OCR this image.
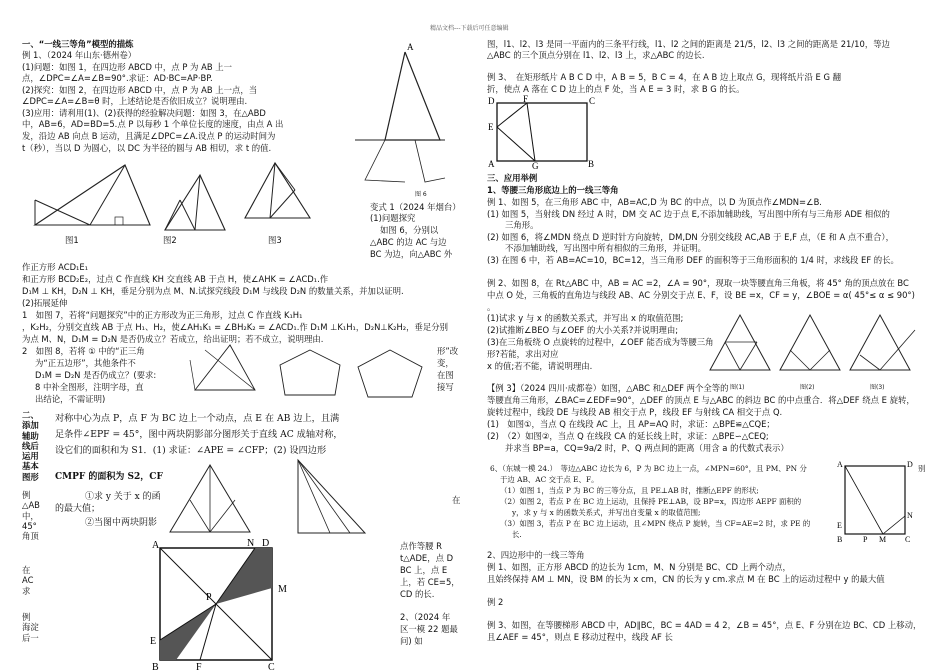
精品文档---下载后可任意编辑
一、“一线三等角”模型的描炼
例 1、（2024 年山东·德州卷）
(1)问题：如图 1，在四边形 ABCD 中，点 P 为 AB 上一
点，∠DPC=∠A=∠B=90°.求证：AD·BC=AP·BP.
(2)探究：如图 2，在四边形 ABCD 中，点 P 为 AB 上一点，当
∠DPC=∠A=∠B=θ 时，上述结论是否依旧成立？说明理由.
(3)应用：请利用(1)、(2)获得的经验解决问题：如图 3，在△ABD
中，AB=6，AD=BD=5.点 P 以每秒 1 个单位长度的速度，由点 A 出
发，沿边 AB 向点 B 运动，且满足∠DPC=∠A.设点 P 的运动时间为
t（秒），当以 D 为圆心，以 DC 为半径的圆与 AB 相切，求 t 的值.
A
图 6
图1	图2	图3
变式 1（2024 年烟台）
(1)问题探究
如图 6，分别以
△ABC 的边 AC 与边
BC 为边，向△ABC 外
作正方形 ACD₁E₁
和正方形 BCD₂E₂，过点 C 作直线 KH 交直线 AB 于点 H，使∠AHK = ∠ACD₁.作
D₁M ⊥ KH，D₂N ⊥ KH，垂足分别为点 M、N.试探究线段 D₁M 与线段 D₂N 的数量关系，并加以证明.
(2)拓展延伸
1　如图 7，若将“问题探究”中的正方形改为正三角形，过点 C 作直线 K₁H₁
，K₂H₂，分别交直线 AB 于点 H₁、H₂，使∠AH₁K₁ = ∠BH₂K₂ = ∠ACD₁.作 D₁M ⊥K₁H₁，D₂N⊥K₂H₂，垂足分别
为点 M、N，D₁M = D₂N 是否仍成立？若成立，给出证明；若不成立，说明理由.
2　如图 8，若将 ① 中的“正三角
为“正五边形”，其他条件不
D₁M = D₂N 是否仍成立？(要求:
8 中补全图形，注明字母，直
出结论，不需证明)
形”改
变，
在图
接写
二、
添加
辅助
线后
运用
基本
图形
例
△AB
中，
45°
角顶
在
AC
求
例
海淀
后一
对称中心为点 P，点 F 为 BC 边上一个动点，点 E 在 AB 边上，且满
足条件∠EPF = 45°，图中两块阴影部分图形关于直线 AC 成轴对称，
设它们的面积和为 S1．(1) 求证：∠APE = ∠CFP；(2) 设四边形
CMPF 的面积为 S2，CF
①求 y 关于 x 的函
的最大值；
②当图中两块阴影
在
点作等腰 R
t△ADE，点 D
BC 上，点 E
上，若 CE=5，
CD 的长.
2、（2024 年
区一模 22 题最
问) 如
A	N D
M
P
E
B	F	C
图，l1、l2、l3 是同一平面内的三条平行线，l1、l2 之间的距离是 21/5，l2、l3 之间的距离是 21/10，等边
△ABC 的三个顶点分别在 l1、l2、l3 上，求△ABC 的边长.
例 3、　在矩形纸片 A B C D 中，A B = 5，B C = 4，在 A B 边上取点 G，现将纸片沿 E G 翻
折，使点 A 落在 C D 边上的点 F 处，当 A E = 3 时，求 B G 的长。
D	F	C
E
A	G	B
三、应用举例
1、等腰三角形底边上的一线三等角
例 1、如图 5，在三角形 ABC 中，AB=AC,D 为 BC 的中点，以 D 为顶点作∠MDN=∠B.
(1) 如图 5，当射线 DN 经过 A 时，DM 交 AC 边于点 E,不添加辅助线，写出图中所有与三角形 ADE 相似的
三角形。
(2) 如图 6，将∠MDN 绕点 D 逆时针方向旋转，DM,DN 分别交线段 AC,AB 于 E,F 点，（E 和 A 点不重合），
不添加辅助线，写出图中所有相似的三角形，并证明。
(3) 在图 6 中，若 AB=AC=10，BC=12，当三角形 DEF 的面积等于三角形面积的 1/4 时，求线段 EF 的长。
例 2、如图 8，在 Rt△ABC 中，AB = AC =2，∠A = 90°，现取一块等腰直角三角板，将 45° 角的顶点放在 BC
中点 O 处，三角板的直角边与线段 AB、AC 分别交于点 E、F，设 BE =x，CF = y，∠BOE = α( 45°≤ α ≤ 90°)
。
(1)试求 y 与 x 的函数关系式，并写出 x 的取值范围;
(2)试推断∠BEO 与∠OEF 的大小关系?并说明理由;
(3)在三角板绕 O 点旋转的过程中，∠OEF 能否成为等腰三角
形?若能，求出对应
x 的值;若不能，请说明理由.
图(1)	图(2)	图(3)
【例 3】（2024 四川·成都卷）如图，△ABC 和△DEF 两个全等的
等腰直角三角形，∠BAC=∠EDF=90°，△DEF 的顶点 E 与△ABC 的斜边 BC 的中点重合．将△DEF 绕点 E 旋转，
旋转过程中，线段 DE 与线段 AB 相交于点 P，线段 EF 与射线 CA 相交于点 Q.
(1)　如图①，当点 Q 在线段 AC 上，且 AP=AQ 时，求证：△BPE≌△CQE；
(2)　（2）如图②，当点 Q 在线段 CA 的延长线上时，求证：△BPE∽△CEQ;
并求当 BP=a，CQ=9a/2 时，P、Q 两点间的距离（用含 a 的代数式表示）
6、（东城一模 24.）　等边△ABC 边长为 6，P 为 BC 边上一点，∠MPN=60°，且 PM、PN 分	别
于边 AB、AC 交于点 E、F。
（1）如图 1，当点 P 为 BC 的三等分点，且 PE⊥AB 时，推断△EPF 的形状;
（2）如图 2，若点 P 在 BC 边上运动，且保持 PE⊥AB，设 BP=x，四边形 AEPF 面积的
y，求 y 与 x 的函数关系式，并写出自变量 x 的取值范围;
（3）如图 3，若点 P 在 BC 边上运动，且∠MPN 绕点 P 旋转，当 CF=AE=2 时，求 PE 的
长.
A	D
N
E
B	P M C
2、四边形中的一线三等角
例 1、如图，正方形 ABCD 的边长为 1cm，M、N 分别是 BC、CD 上两个动点，
且始终保持 AM ⊥ MN，设 BM 的长为 x cm，CN 的长为 y cm.求点 M 在 BC 上的运动过程中 y 的最大值
例 2
例 3、如图，在等腰梯形 ABCD 中，AD∥BC，BC = 4AD = 4 2，∠B = 45°，点 E、F 分别在边 BC、CD 上移动，
且∠AEF = 45°，则点 E 移动过程中，线段 AF 长
